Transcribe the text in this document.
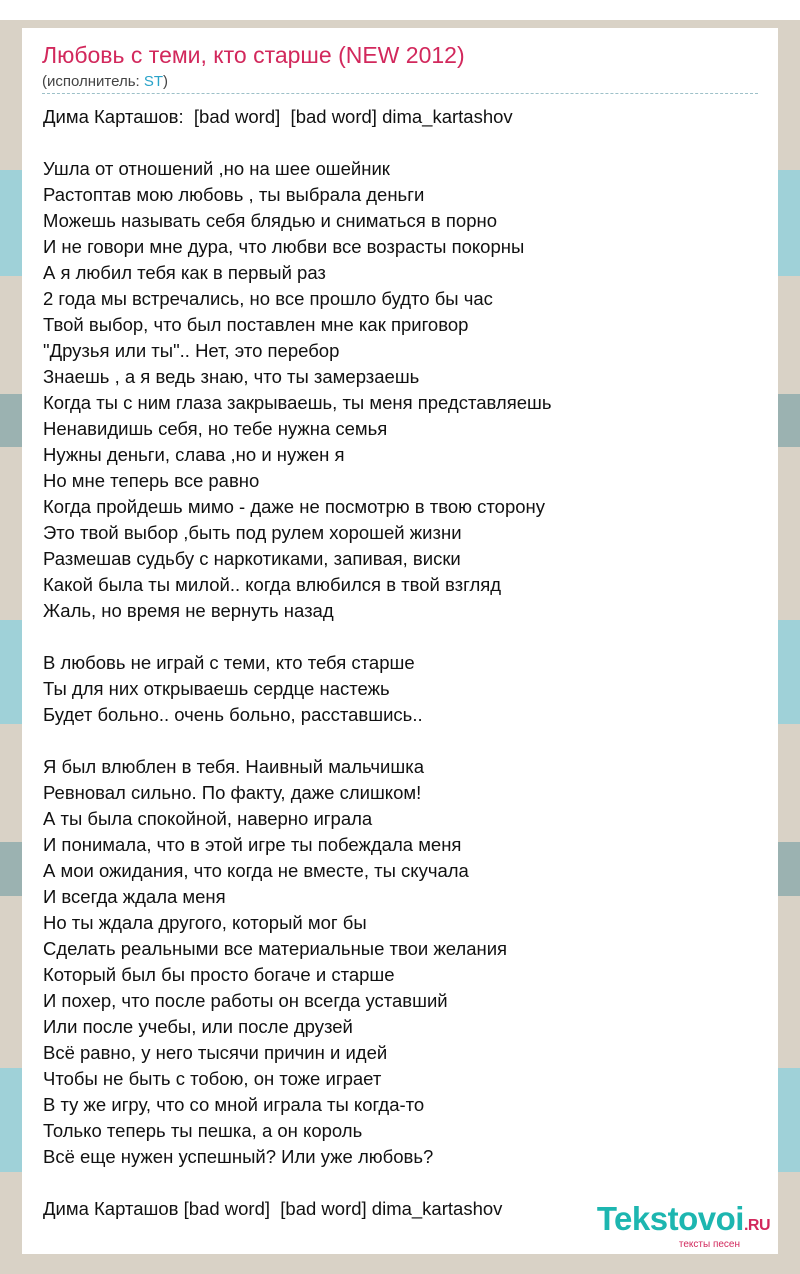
Любовь с теми, кто старше (NEW 2012)
(исполнитель: ST)
Дима Карташов:  [bad word]  [bad word] dima_kartashov
Ушла от отношений ,но на шее ошейник
Растоптав мою любовь , ты выбрала деньги
Можешь называть себя блядью и сниматься в порно
И не говори мне дура, что любви все возрасты покорны
А я любил тебя как в первый раз
2 года мы встречались, но все прошло будто бы час
Твой выбор, что был поставлен мне как приговор
"Друзья или ты".. Нет, это перебор
Знаешь , а я ведь знаю, что ты замерзаешь
Когда ты с ним глаза закрываешь, ты меня представляешь
Ненавидишь себя, но тебе нужна семья
Нужны деньги, слава ,но и нужен я
Но мне теперь все равно
Когда пройдешь мимо - даже не посмотрю в твою сторону
Это твой выбор ,быть под рулем хорошей жизни
Размешав судьбу с наркотиками, запивая, виски
Какой была ты милой.. когда влюбился в твой взгляд
Жаль, но время не вернуть назад
В любовь не играй с теми, кто тебя старше
Ты для них открываешь сердце настежь
Будет больно.. очень больно, расставшись..
Я был влюблен в тебя. Наивный мальчишка
Ревновал сильно. По факту, даже слишком!
А ты была спокойной, наверно играла
И понимала, что в этой игре ты побеждала меня
А мои ожидания, что когда не вместе, ты скучала
И всегда ждала меня
Но ты ждала другого, который мог бы
Сделать реальными все материальные твои желания
Который был бы просто богаче и старше
И похер, что после работы он всегда уставший
Или после учебы, или после друзей
Всё равно, у него тысячи причин и идей
Чтобы не быть с тобою, он тоже играет
В ту же игру, что со мной играла ты когда-то
Только теперь ты пешка, а он король
Всё еще нужен успешный? Или уже любовь?
Дима Карташов [bad word]  [bad word] dima_kartashov	Tekstovoi.RU
тексты песен
